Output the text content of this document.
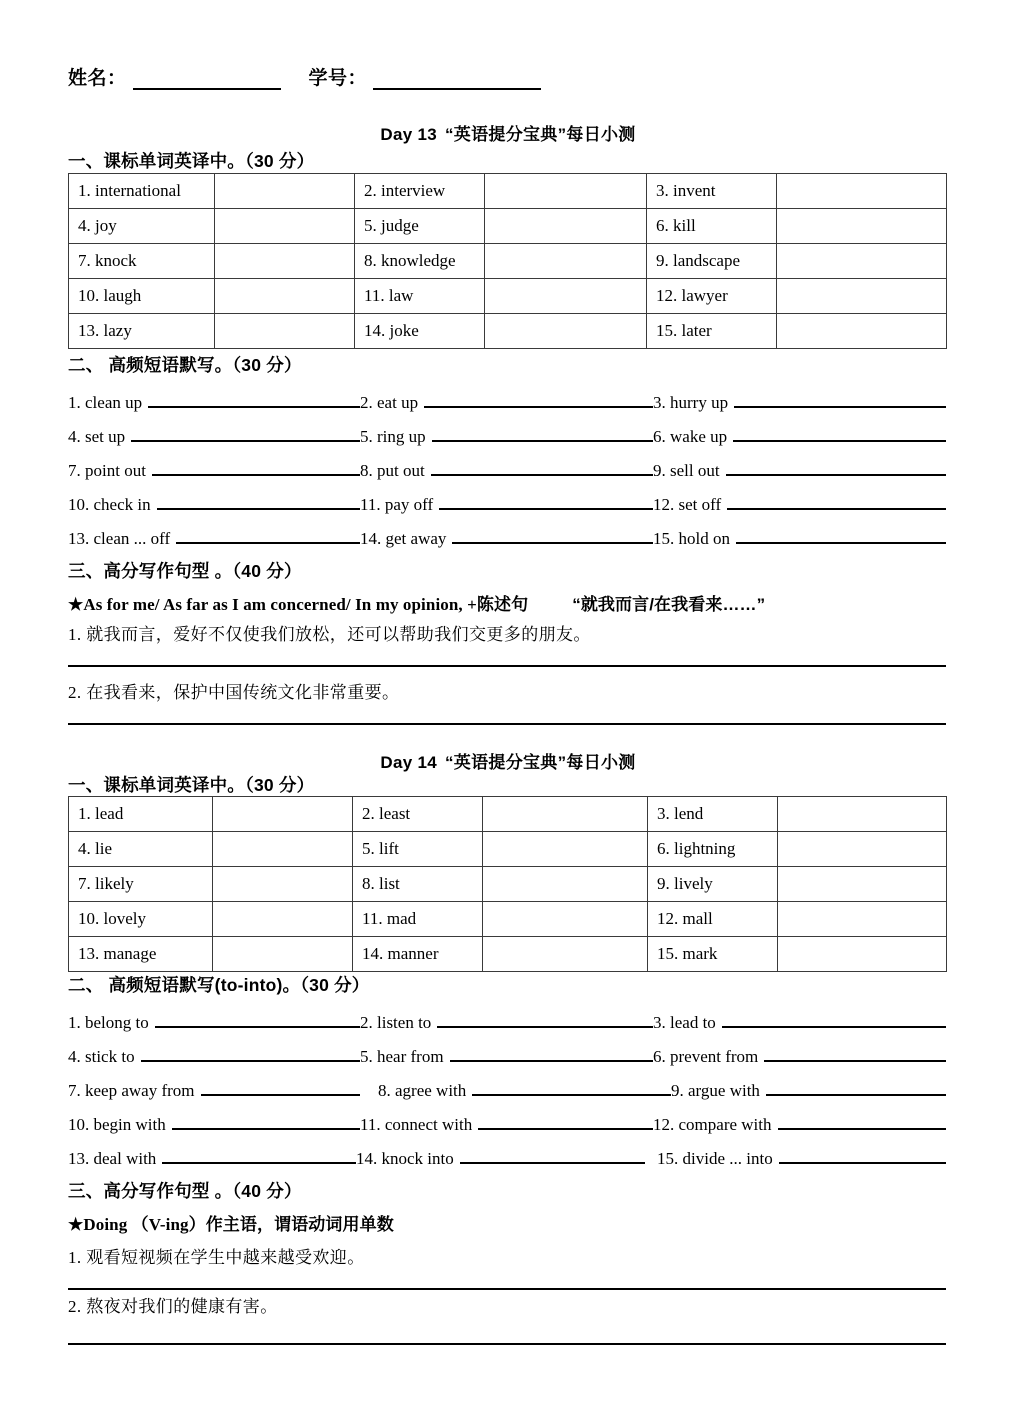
姓名：	学号：
Day 13 “英语提分宝典”每日小测
一、课标单词英译中。（30 分）
1. international		2. interview		3. invent	
4. joy		5. judge		6. kill	
7. knock		8. knowledge		9. landscape	
10. laugh		11. law		12. lawyer	
13. lazy		14. joke		15. later	
二、 高频短语默写。（30 分）
1. clean up	2. eat up	3. hurry up
4. set up	5. ring up	6. wake up
7. point out	8. put out	9. sell out
10. check in	11. pay off	12. set off
13. clean ... off	14. get away	15. hold on
三、高分写作句型 。（40 分）
★As for me/ As far as I am concerned/ In my opinion, +陈述句	“就我而言/在我看来……”
1. 就我而言，爱好不仅使我们放松，还可以帮助我们交更多的朋友。
2. 在我看来，保护中国传统文化非常重要。
Day 14 “英语提分宝典”每日小测
一、课标单词英译中。（30 分）
1. lead		2. least		3. lend	
4. lie		5. lift		6. lightning	
7. likely		8. list		9. lively	
10. lovely		11. mad		12. mall	
13. manage		14. manner		15. mark	
二、 高频短语默写(to-into)。（30 分）
1. belong to	2. listen to	3. lead to
4. stick to	5. hear from	6. prevent from
7. keep away from	8. agree with	9. argue with
10. begin with	11. connect with	12. compare with
13. deal with	14. knock into	15. divide ... into
三、高分写作句型 。（40 分）
★Doing （V-ing）作主语，谓语动词用单数
1. 观看短视频在学生中越来越受欢迎。
2. 熬夜对我们的健康有害。
